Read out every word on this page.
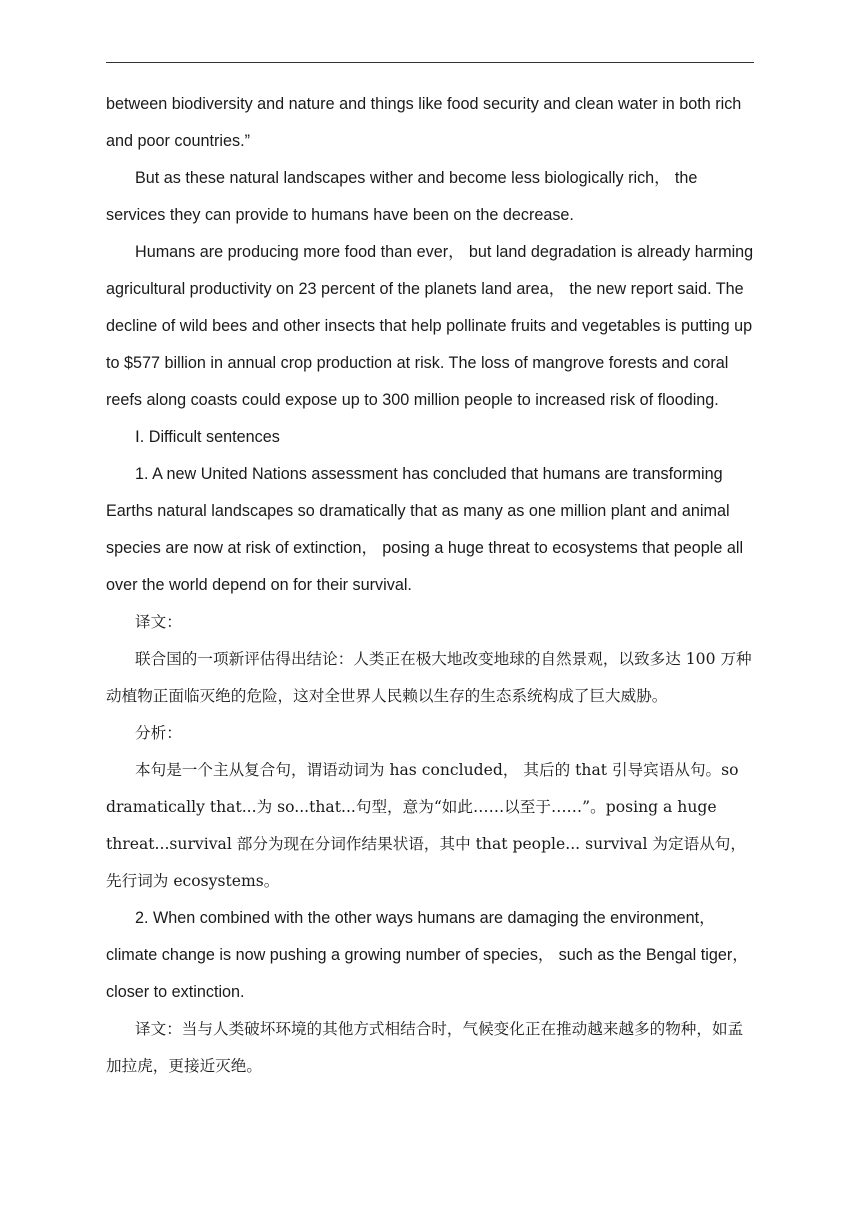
between biodiversity and nature and things like food security and clean water in both rich and poor countries.”

But as these natural landscapes wither and become less biologically rich， the services they can provide to humans have been on the decrease.

Humans are producing more food than ever， but land degradation is already harming agricultural productivity on 23 percent of the planets land area， the new report said. The decline of wild bees and other insects that help pollinate fruits and vegetables is putting up to $577 billion in annual crop production at risk. The loss of mangrove forests and coral reefs along coasts could expose up to 300 million people to increased risk of flooding.

Ⅰ. Difficult sentences

1. A new United Nations assessment has concluded that humans are transforming Earths natural landscapes so dramatically that as many as one million plant and animal species are now at risk of extinction， posing a huge threat to ecosystems that people all over the world depend on for their survival.

译文：

联合国的一项新评估得出结论：人类正在极大地改变地球的自然景观，以致多达 100 万种动植物正面临灭绝的危险，这对全世界人民赖以生存的生态系统构成了巨大威胁。

分析：

本句是一个主从复合句，谓语动词为 has concluded， 其后的 that 引导宾语从句。so dramatically that...为 so...that...句型，意为“如此……以至于……”。posing a huge threat...survival 部分为现在分词作结果状语，其中 that people... survival 为定语从句，先行词为 ecosystems。

2. When combined with the other ways humans are damaging the environment，climate change is now pushing a growing number of species， such as the Bengal tiger，closer to extinction.

译文：当与人类破坏环境的其他方式相结合时，气候变化正在推动越来越多的物种，如孟加拉虎，更接近灭绝。
